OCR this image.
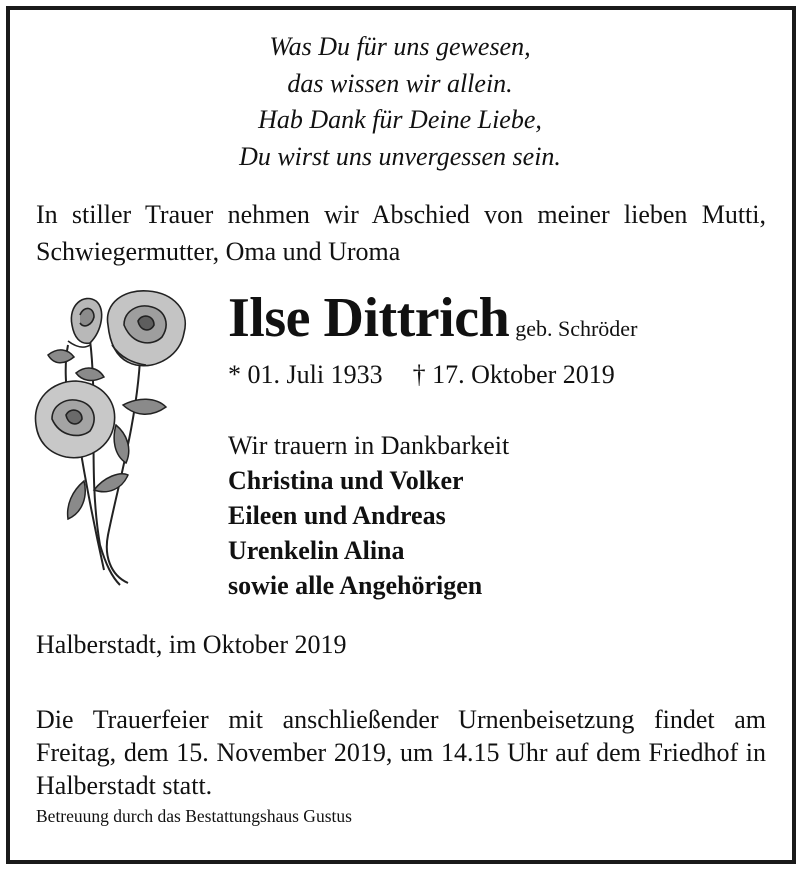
Was Du für uns gewesen,
das wissen wir allein.
Hab Dank für Deine Liebe,
Du wirst uns unvergessen sein.
In stiller Trauer nehmen wir Abschied von meiner lieben Mutti, Schwiegermutter, Oma und Uroma
Ilse Dittrich geb. Schröder
* 01. Juli 1933 † 17. Oktober 2019
Wir trauern in Dankbarkeit
Christina und Volker
Eileen und Andreas
Urenkelin Alina
sowie alle Angehörigen
Halberstadt, im Oktober 2019
Die Trauerfeier mit anschließender Urnenbeisetzung findet am Freitag, dem 15. November 2019, um 14.15 Uhr auf dem Friedhof in Halberstadt statt.
Betreuung durch das Bestattungshaus Gustus
